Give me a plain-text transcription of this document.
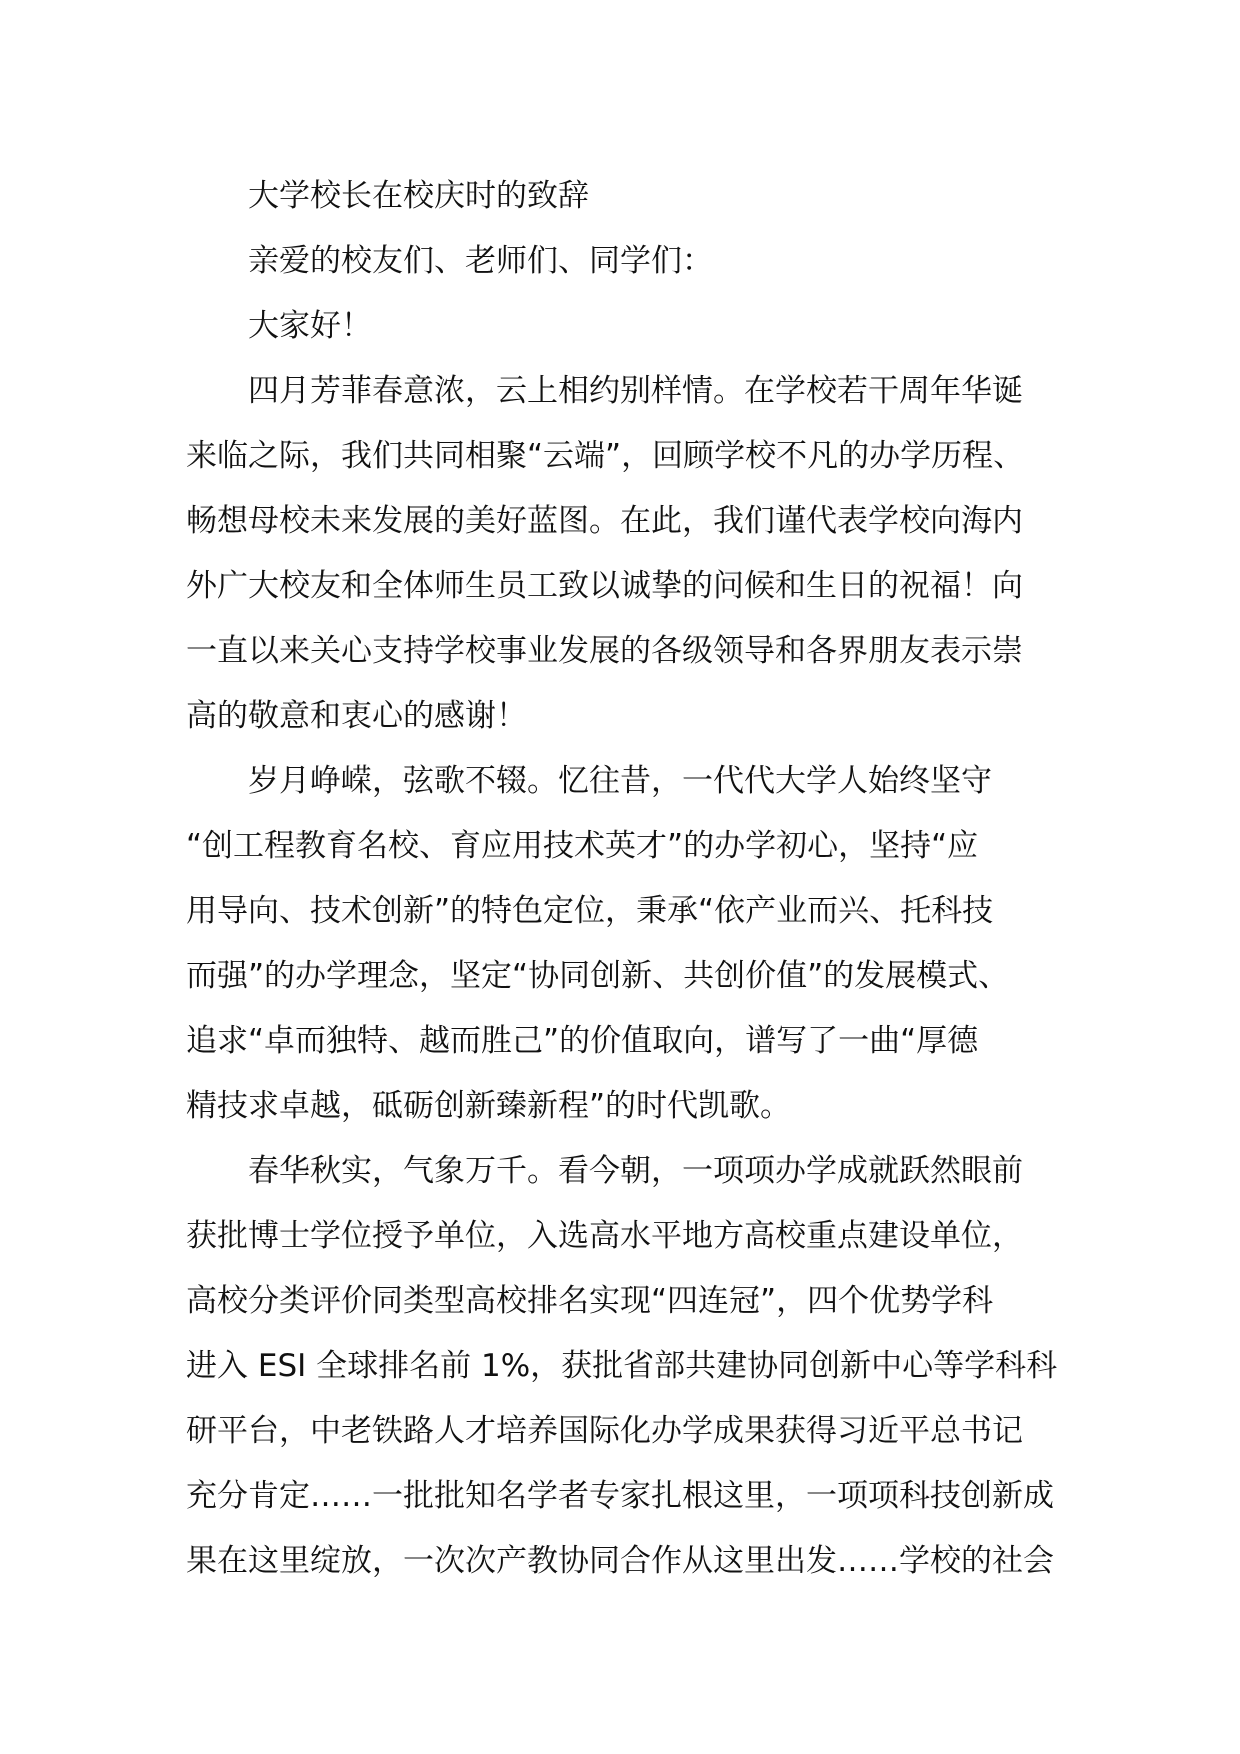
大学校长在校庆时的致辞
亲爱的校友们、老师们、同学们：
大家好！
四月芳菲春意浓，云上相约别样情。在学校若干周年华诞
来临之际，我们共同相聚“云端”，回顾学校不凡的办学历程、
畅想母校未来发展的美好蓝图。在此，我们谨代表学校向海内
外广大校友和全体师生员工致以诚挚的问候和生日的祝福！向
一直以来关心支持学校事业发展的各级领导和各界朋友表示崇
高的敬意和衷心的感谢！
岁月峥嵘，弦歌不辍。忆往昔，一代代大学人始终坚守
“创工程教育名校、育应用技术英才”的办学初心，坚持“应
用导向、技术创新”的特色定位，秉承“依产业而兴、托科技
而强”的办学理念，坚定“协同创新、共创价值”的发展模式、
追求“卓而独特、越而胜己”的价值取向，谱写了一曲“厚德
精技求卓越，砥砺创新臻新程”的时代凯歌。
春华秋实，气象万千。看今朝，一项项办学成就跃然眼前
获批博士学位授予单位，入选高水平地方高校重点建设单位，
高校分类评价同类型高校排名实现“四连冠”，四个优势学科
进入 ESI 全球排名前 1%，获批省部共建协同创新中心等学科科
研平台，中老铁路人才培养国际化办学成果获得习近平总书记
充分肯定……一批批知名学者专家扎根这里，一项项科技创新成
果在这里绽放，一次次产教协同合作从这里出发……学校的社会
